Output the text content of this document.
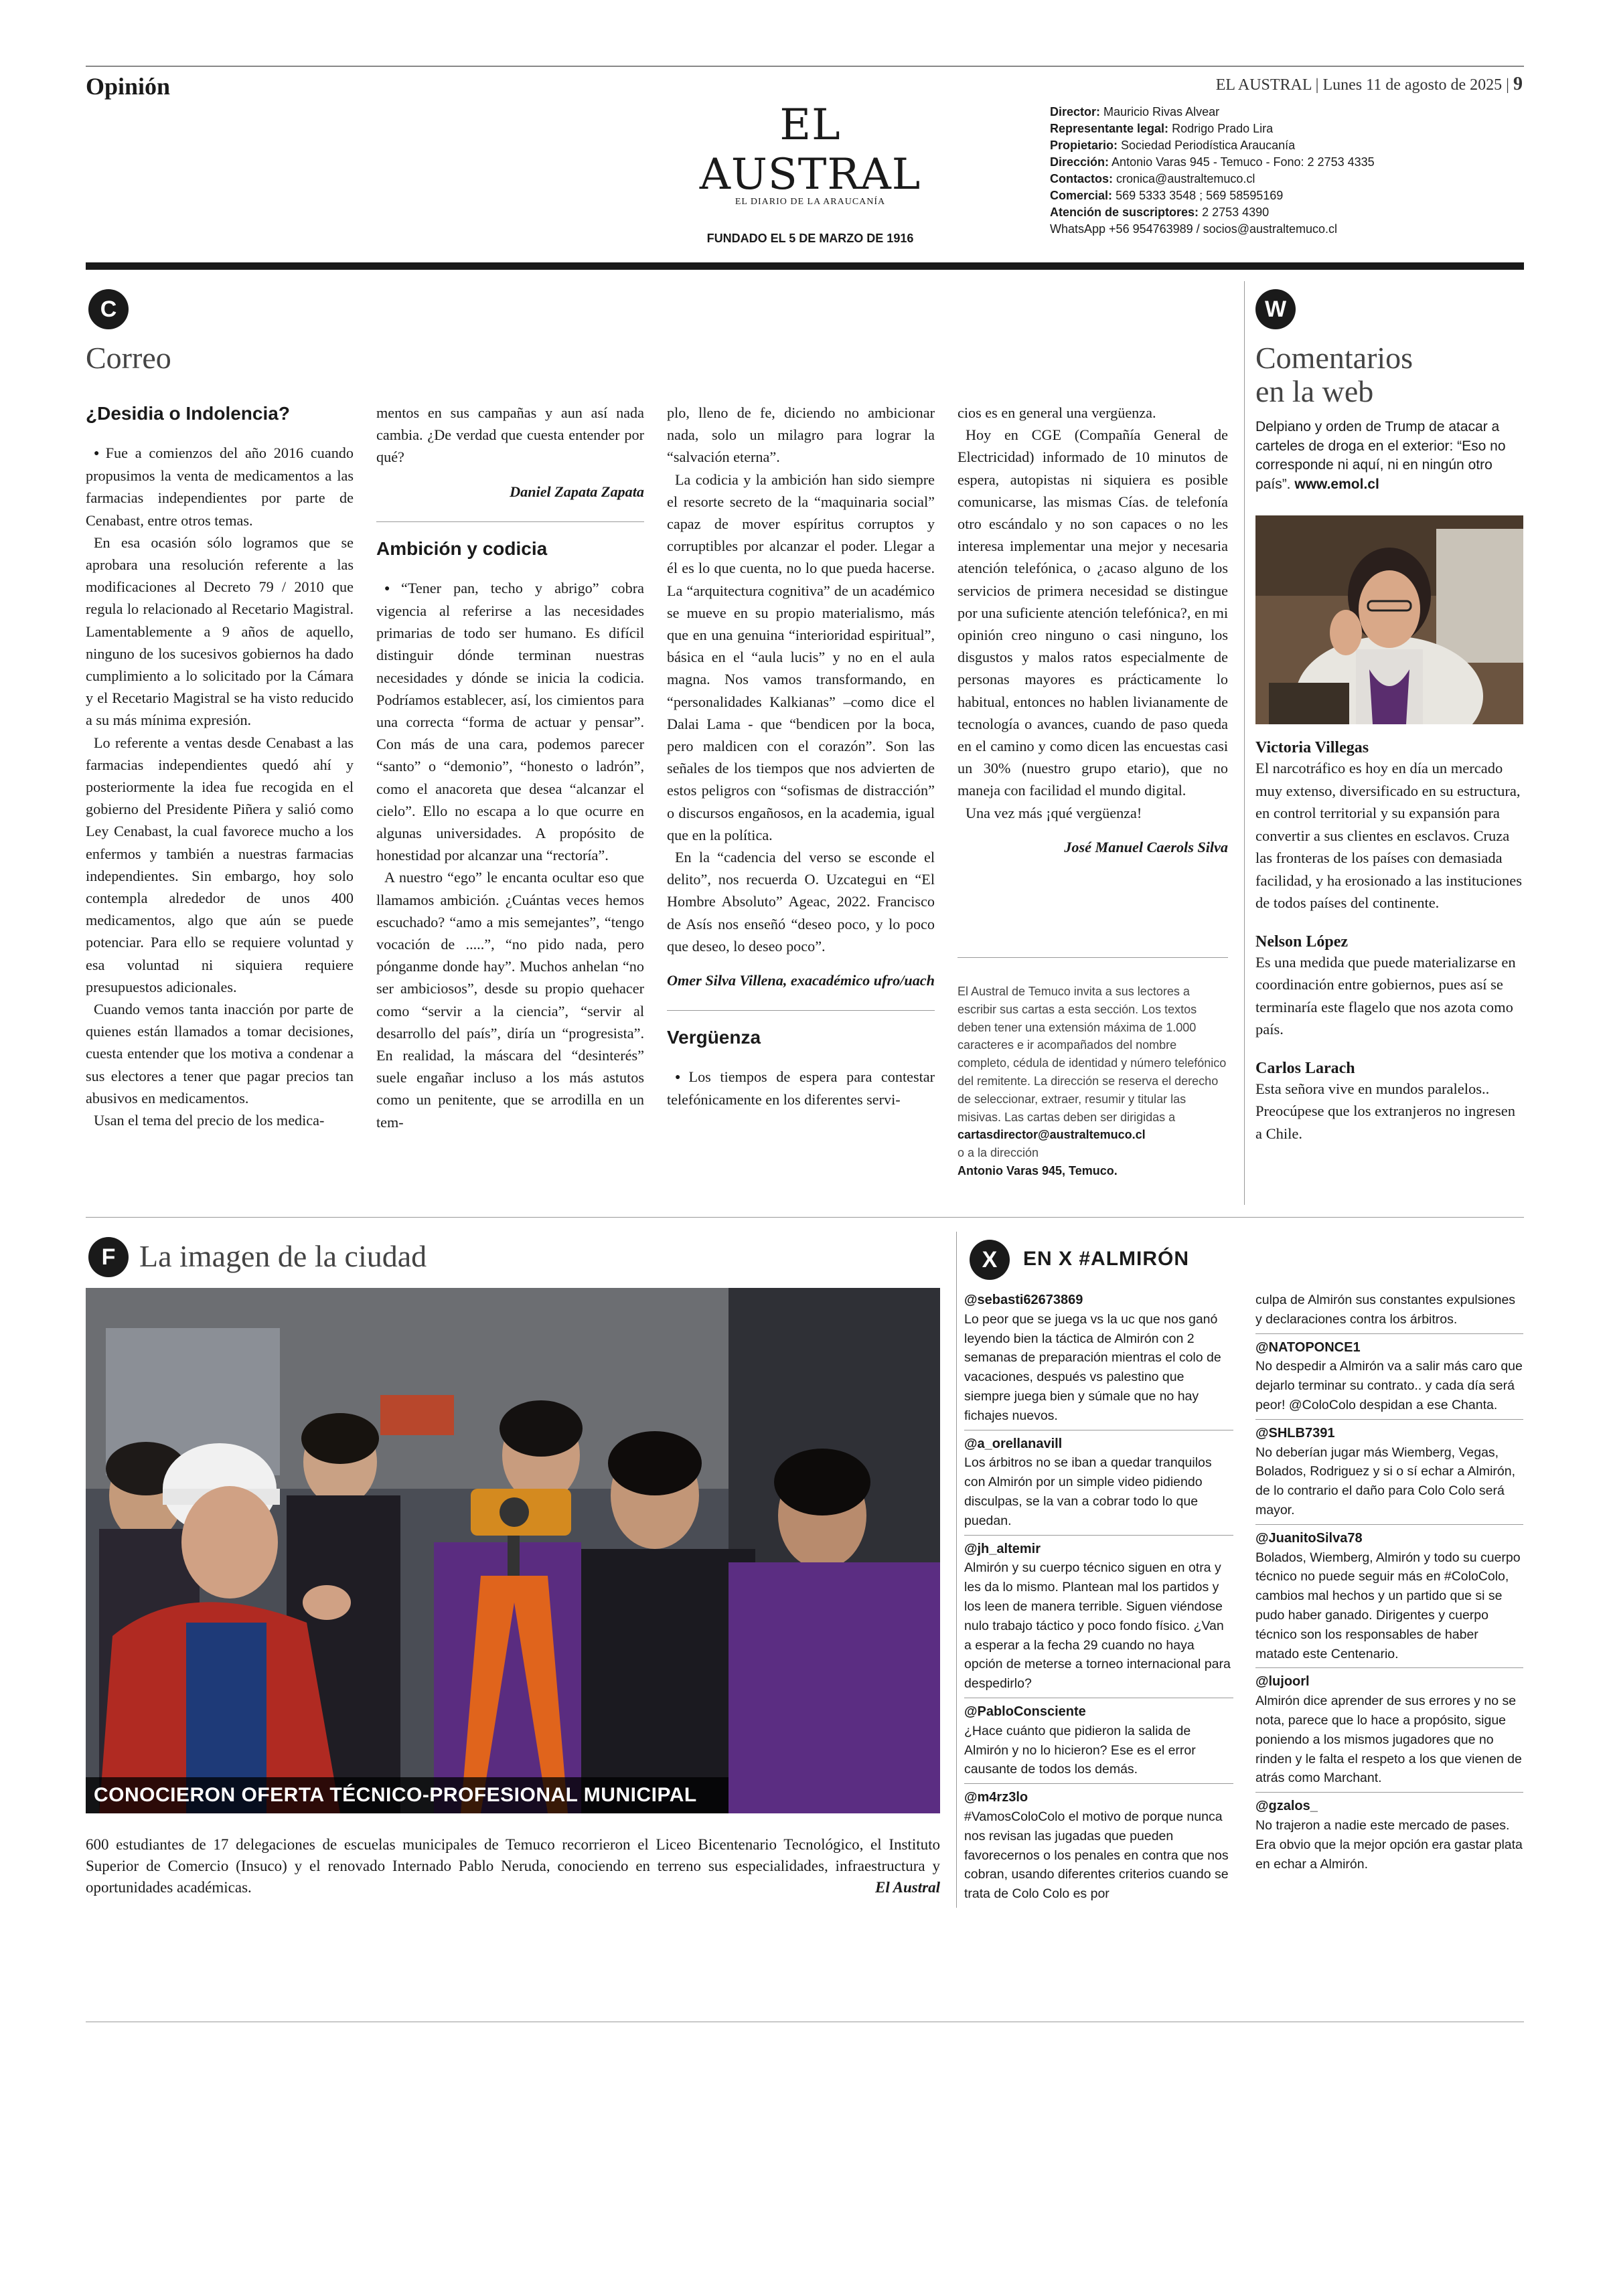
Opinión	EL AUSTRAL | Lunes 11 de agosto de 2025 | 9
EL AUSTRAL
EL DIARIO DE LA ARAUCANÍA
FUNDADO EL 5 DE MARZO DE 1916
Director: Mauricio Rivas Alvear
Representante legal: Rodrigo Prado Lira
Propietario: Sociedad Periodística Araucanía
Dirección: Antonio Varas 945 - Temuco - Fono: 2 2753 4335
Contactos: cronica@australtemuco.cl
Comercial: 569 5333 3548 ; 569 58595169
Atención de suscriptores: 2 2753 4390
WhatsApp +56 954763989 / socios@australtemuco.cl
C
Correo

¿Desidia o Indolencia?

● Fue a comienzos del año 2016 cuando propusimos la venta de medicamentos a las farmacias independientes por parte de Cenabast, entre otros temas.

En esa ocasión sólo logramos que se aprobara una resolución referente a las modificaciones al Decreto 79 / 2010 que regula lo relacionado al Recetario Magistral. Lamentablemente a 9 años de aquello, ninguno de los sucesivos gobiernos ha dado cumplimiento a lo solicitado por la Cámara y el Recetario Magistral se ha visto reducido a su más mínima expresión.

Lo referente a ventas desde Cenabast a las farmacias independientes quedó ahí y posteriormente la idea fue recogida en el gobierno del Presidente Piñera y salió como Ley Cenabast, la cual favorece mucho a los enfermos y también a nuestras farmacias independientes. Sin embargo, hoy solo contempla alrededor de unos 400 medicamentos, algo que aún se puede potenciar. Para ello se requiere voluntad y esa voluntad ni siquiera requiere presupuestos adicionales.

Cuando vemos tanta inacción por parte de quienes están llamados a tomar decisiones, cuesta entender que los motiva a condenar a sus electores a tener que pagar precios tan abusivos en medicamentos.

Usan el tema del precio de los medica-

mentos en sus campañas y aun así nada cambia. ¿De verdad que cuesta entender por qué?

Daniel Zapata Zapata

Ambición y codicia

● “Tener pan, techo y abrigo” cobra vigencia al referirse a las necesidades primarias de todo ser humano. Es difícil distinguir dónde terminan nuestras necesidades y dónde se inicia la codicia. Podríamos establecer, así, los cimientos para una correcta “forma de actuar y pensar”. Con más de una cara, podemos parecer “santo” o “demonio”, “honesto o ladrón”, como el anacoreta que desea “alcanzar el cielo”. Ello no escapa a lo que ocurre en algunas universidades. A propósito de honestidad por alcanzar una “rectoría”.

A nuestro “ego” le encanta ocultar eso que llamamos ambición. ¿Cuántas veces hemos escuchado? “amo a mis semejantes”, “tengo vocación de .....”, “no pido nada, pero pónganme donde hay”. Muchos anhelan “no ser ambiciosos”, desde su propio quehacer como “servir a la ciencia”, “servir al desarrollo del país”, diría un “progresista”. En realidad, la máscara del “desinterés” suele engañar incluso a los más astutos como un penitente, que se arrodilla en un tem-

plo, lleno de fe, diciendo no ambicionar nada, solo un milagro para lograr la “salvación eterna”.

La codicia y la ambición han sido siempre el resorte secreto de la “maquinaria social” capaz de mover espíritus corruptos y corruptibles por alcanzar el poder. Llegar a él es lo que cuenta, no lo que pueda hacerse. La “arquitectura cognitiva” de un académico se mueve en su propio materialismo, más que en una genuina “interioridad espiritual”, básica en el “aula lucis” y no en el aula magna. Nos vamos transformando, en “personalidades Kalkianas” –como dice el Dalai Lama - que “bendicen por la boca, pero maldicen con el corazón”. Son las señales de los tiempos que nos advierten de estos peligros con “sofismas de distracción” o discursos engañosos, en la academia, igual que en la política.

En la “cadencia del verso se esconde el delito”, nos recuerda O. Uzcategui en “El Hombre Absoluto” Ageac, 2022. Francisco de Asís nos enseñó “deseo poco, y lo poco que deseo, lo deseo poco”.

Omer Silva Villena, exacadémico ufro/uach

Vergüenza

● Los tiempos de espera para contestar telefónicamente en los diferentes servi-

cios es en general una vergüenza.

Hoy en CGE (Compañía General de Electricidad) informado de 10 minutos de espera, autopistas ni siquiera es posible comunicarse, las mismas Cías. de telefonía otro escándalo y no son capaces o no les interesa implementar una mejor y necesaria atención telefónica, o ¿acaso alguno de los servicios de primera necesidad se distingue por una suficiente atención telefónica?, en mi opinión creo ninguno o casi ninguno, los disgustos y malos ratos especialmente de personas mayores es prácticamente lo habitual, entonces no hablen livianamente de tecnología o avances, cuando de paso queda en el camino y como dicen las encuestas casi un 30% (nuestro grupo etario), que no maneja con facilidad el mundo digital.

Una vez más ¡qué vergüenza!

José Manuel Caerols Silva

El Austral de Temuco invita a sus lectores a escribir sus cartas a esta sección. Los textos deben tener una extensión máxima de 1.000 caracteres e ir acompañados del nombre completo, cédula de identidad y número telefónico del remitente. La dirección se reserva el derecho de seleccionar, extraer, resumir y titular las misivas. Las cartas deben ser dirigidas a cartasdirector@australtemuco.cl
o a la dirección
Antonio Varas 945, Temuco.
W
Comentarios
en la web
Delpiano y orden de Trump de atacar a carteles de droga en el exterior: “Eso no corresponde ni aquí, ni en ningún otro país”. www.emol.cl
Victoria Villegas
El narcotráfico es hoy en día un mercado muy extenso, diversificado en su estructura, en control territorial y su expansión para convertir a sus clientes en esclavos. Cruza las fronteras de los países con demasiada facilidad, y ha erosionado a las instituciones de todos países del continente.
Nelson López
Es una medida que puede materializarse en coordinación entre gobiernos, pues así se terminaría este flagelo que nos azota como país.
Carlos Larach
Esta señora vive en mundos paralelos.. Preocúpese que los extranjeros no ingresen a Chile.
F La imagen de la ciudad
CONOCIERON OFERTA TÉCNICO-PROFESIONAL MUNICIPAL
600 estudiantes de 17 delegaciones de escuelas municipales de Temuco recorrieron el Liceo Bicentenario Tecnológico, el Instituto Superior de Comercio (Insuco) y el renovado Internado Pablo Neruda, conociendo en terreno sus especialidades, infraestructura y oportunidades académicas.	El Austral
X	EN X #ALMIRÓN
@sebasti62673869
Lo peor que se juega vs la uc que nos ganó leyendo bien la táctica de Almirón con 2 semanas de preparación mientras el colo de vacaciones, después vs palestino que siempre juega bien y súmale que no hay fichajes nuevos.
@a_orellanavill
Los árbitros no se iban a quedar tranquilos con Almirón por un simple video pidiendo disculpas, se la van a cobrar todo lo que puedan.
@jh_altemir
Almirón y su cuerpo técnico siguen en otra y les da lo mismo. Plantean mal los partidos y los leen de manera terrible. Siguen viéndose nulo trabajo táctico y poco fondo físico. ¿Van a esperar a la fecha 29 cuando no haya opción de meterse a torneo internacional para despedirlo?
@PabloConsciente
¿Hace cuánto que pidieron la salida de Almirón y no lo hicieron? Ese es el error causante de todos los demás.
@m4rz3lo
#VamosColoColo el motivo de porque nunca nos revisan las jugadas que pueden favorecernos o los penales en contra que nos cobran, usando diferentes criterios cuando se trata de Colo Colo es por
culpa de Almirón sus constantes expulsiones y declaraciones contra los árbitros.
@NATOPONCE1
No despedir a Almirón va a salir más caro que dejarlo terminar su contrato.. y cada día será peor! @ColoColo despidan a ese Chanta.
@SHLB7391
No deberían jugar más Wiemberg, Vegas, Bolados, Rodriguez y si o sí echar a Almirón, de lo contrario el daño para Colo Colo será mayor.
@JuanitoSilva78
Bolados, Wiemberg, Almirón y todo su cuerpo técnico no puede seguir más en #ColoColo, cambios mal hechos y un partido que si se pudo haber ganado. Dirigentes y cuerpo técnico son los responsables de haber matado este Centenario.
@lujoorl
Almirón dice aprender de sus errores y no se nota, parece que lo hace a propósito, sigue poniendo a los mismos jugadores que no rinden y le falta el respeto a los que vienen de atrás como Marchant.
@gzalos_
No trajeron a nadie este mercado de pases. Era obvio que la mejor opción era gastar plata en echar a Almirón.
